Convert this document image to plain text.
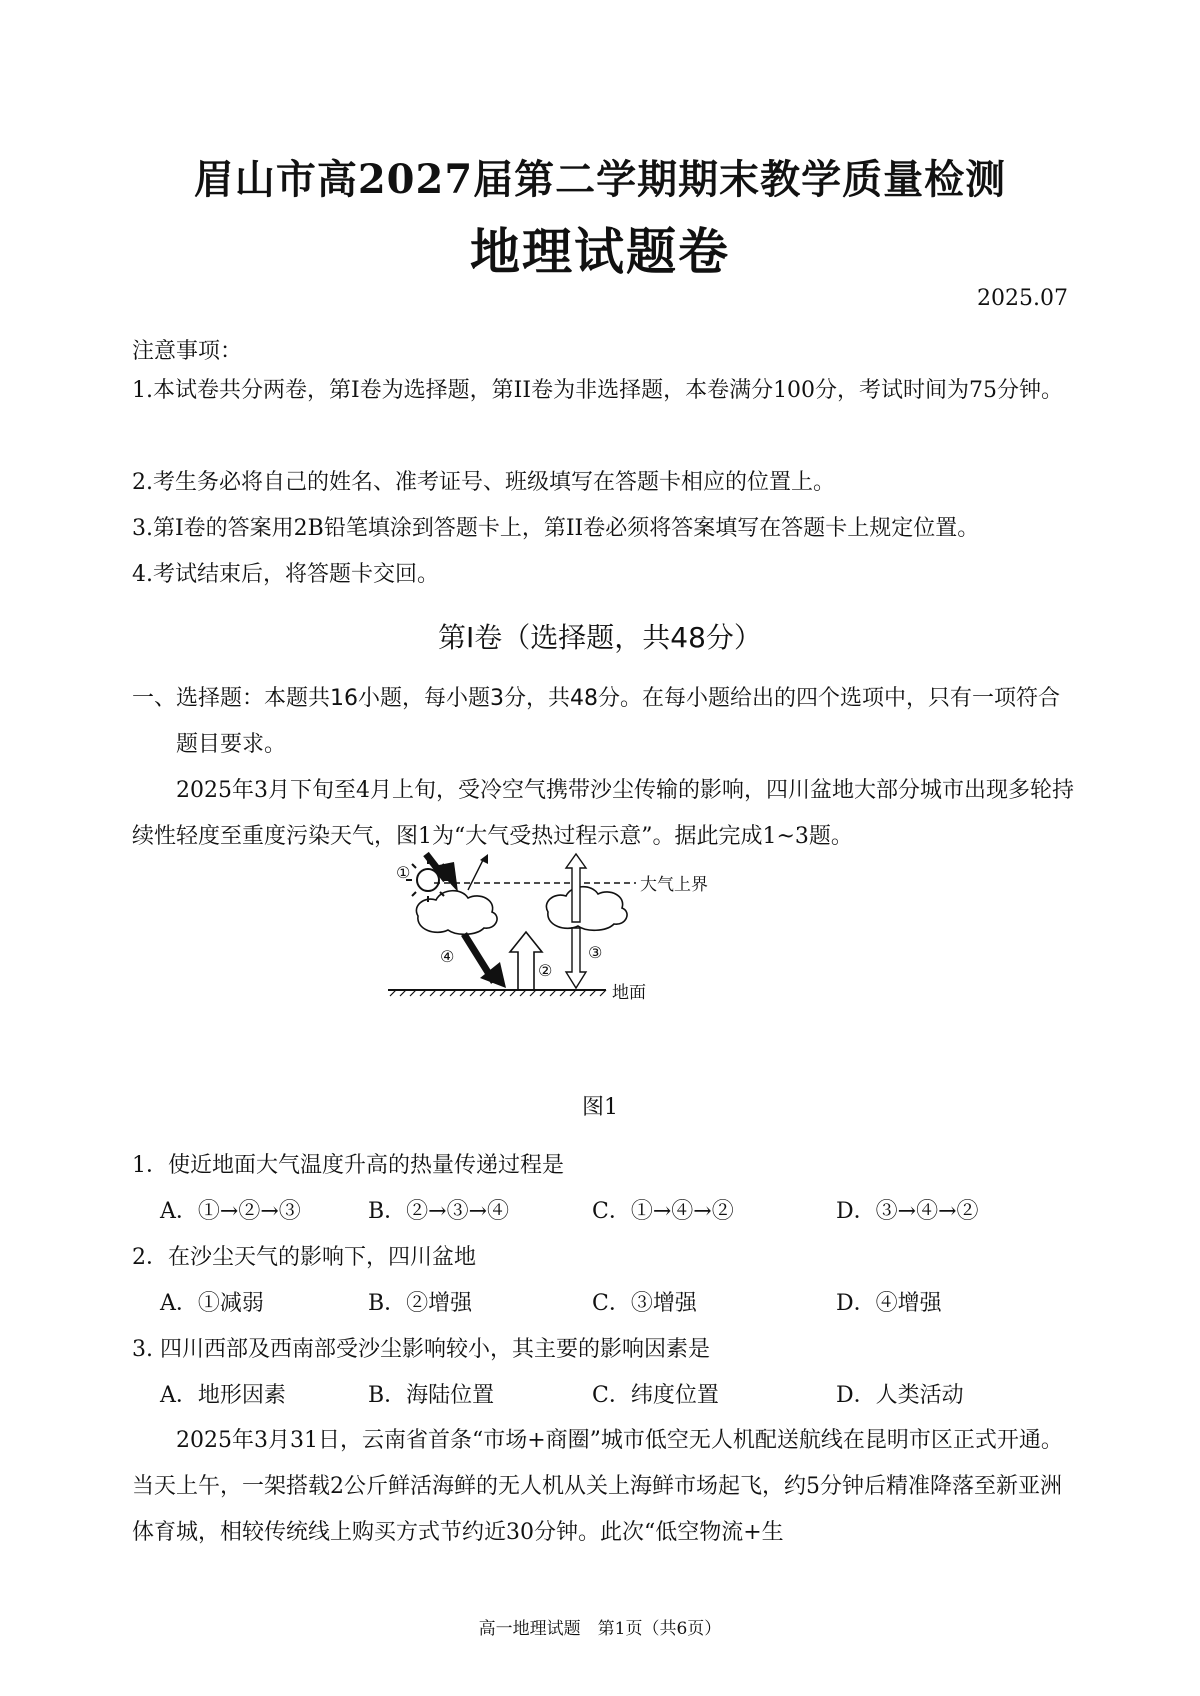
眉山市高2027届第二学期期末教学质量检测
地理试题卷
2025.07
注意事项：
1.本试卷共分两卷，第I卷为选择题，第II卷为非选择题，本卷满分100分，考试时间为75分钟。
2.考生务必将自己的姓名、准考证号、班级填写在答题卡相应的位置上。
3.第I卷的答案用2B铅笔填涂到答题卡上，第II卷必须将答案填写在答题卡上规定位置。
4.考试结束后，将答题卡交回。
第I卷（选择题，共48分）
一、选择题：本题共16小题，每小题3分，共48分。在每小题给出的四个选项中，只有一项符合题目要求。
2025年3月下旬至4月上旬，受冷空气携带沙尘传输的影响，四川盆地大部分城市出现多轮持续性轻度至重度污染天气，图1为“大气受热过程示意”。据此完成1~3题。
大气上界
地面
①
②
③
④
图1
1．使近地面大气温度升高的热量传递过程是
A．①→②→③	B．②→③→④	C．①→④→②	D．③→④→②
2．在沙尘天气的影响下，四川盆地
A．①减弱	B．②增强	C．③增强	D．④增强
3. 四川西部及西南部受沙尘影响较小，其主要的影响因素是
A．地形因素	B．海陆位置	C．纬度位置	D．人类活动
2025年3月31日，云南省首条“市场+商圈”城市低空无人机配送航线在昆明市区正式开通。当天上午，一架搭载2公斤鲜活海鲜的无人机从关上海鲜市场起飞，约5分钟后精准降落至新亚洲体育城，相较传统线上购买方式节约近30分钟。此次“低空物流+生
高一地理试题　第1页（共6页）
